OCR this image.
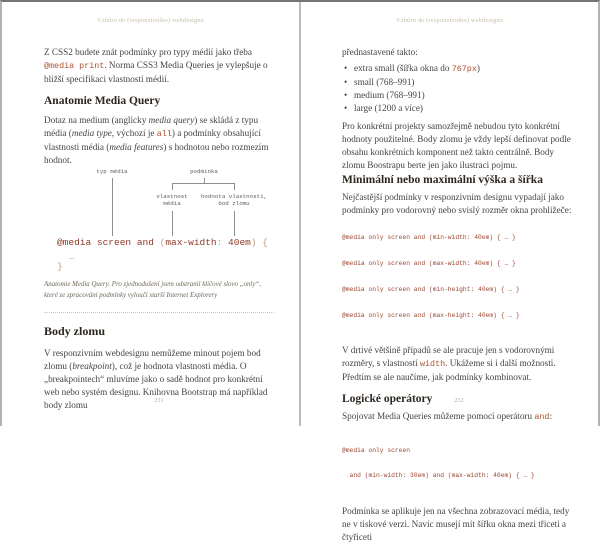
Vzhůru do (responzivního) webdesignu

Z CSS2 budete znát podmínky pro typy médií jako třeba @media print. Norma CSS3 Media Queries je vylepšuje o bližší specifikaci vlastností médií.

Anatomie Media Query

Dotaz na medium (anglicky media query) se skládá z typu média (media type, výchozí je all) a podmínky obsahující vlastnosti média (media features) s hodnotou nebo rozmezím hodnot.

typ média	podmínka
vlastnost
média
hodnota vlastnosti,
bod zlomu
@media screen and (max-width: 40em) {
…
}

Anatomie Media Query. Pro zjednodušení jsem odstranil klíčové slovo „only“, které ze zpracování podmínky vyloučí starší Internet Explorery

Body zlomu

V responzivním webdesignu nemůžeme minout pojem bod zlomu (breakpoint), což je hodnota vlastnosti média. O „breakpointech“ mluvíme jako o sadě hodnot pro konkrétní web nebo systém designu. Knihovna Bootstrap má například body zlomu	231
Vzhůru do (responzivního) webdesignu

přednastavené takto:

• extra small (šířka okna do 767px)
• small (768–991)
• medium (768–991)
• large (1200 a více)

Pro konkrétní projekty samozřejmě nebudou tyto konkrétní hodnoty použitelné. Body zlomu je vždy lepší definovat podle obsahu konkrétních komponent než takto centrálně. Body zlomu Boostrapu berte jen jako ilustraci pojmu.

Minimální nebo maximální výška a šířka

Nejčastější podmínky v responzivním designu vypadají jako podmínky pro vodorovný nebo svislý rozměr okna prohlížeče:

@media only screen and (min-width: 40em) { … }

@media only screen and (max-width: 40em) { … }

@media only screen and (min-height: 40em) { … }

@media only screen and (max-height: 40em) { … }

V drtivé většině případů se ale pracuje jen s vodorovnými rozměry, s vlastností width. Ukážeme si i další možnosti. Předtím se ale naučíme, jak podmínky kombinovat.

Logické operátory

Spojovat Media Queries můžeme pomocí operátoru and:

@media only screen

and (min-width: 30em) and (max-width: 40em) { … }

Podmínka se aplikuje jen na všechna zobrazovací média, tedy ne v tiskové verzi. Navíc musejí mít šířku okna mezi třiceti a čtyřiceti

232
